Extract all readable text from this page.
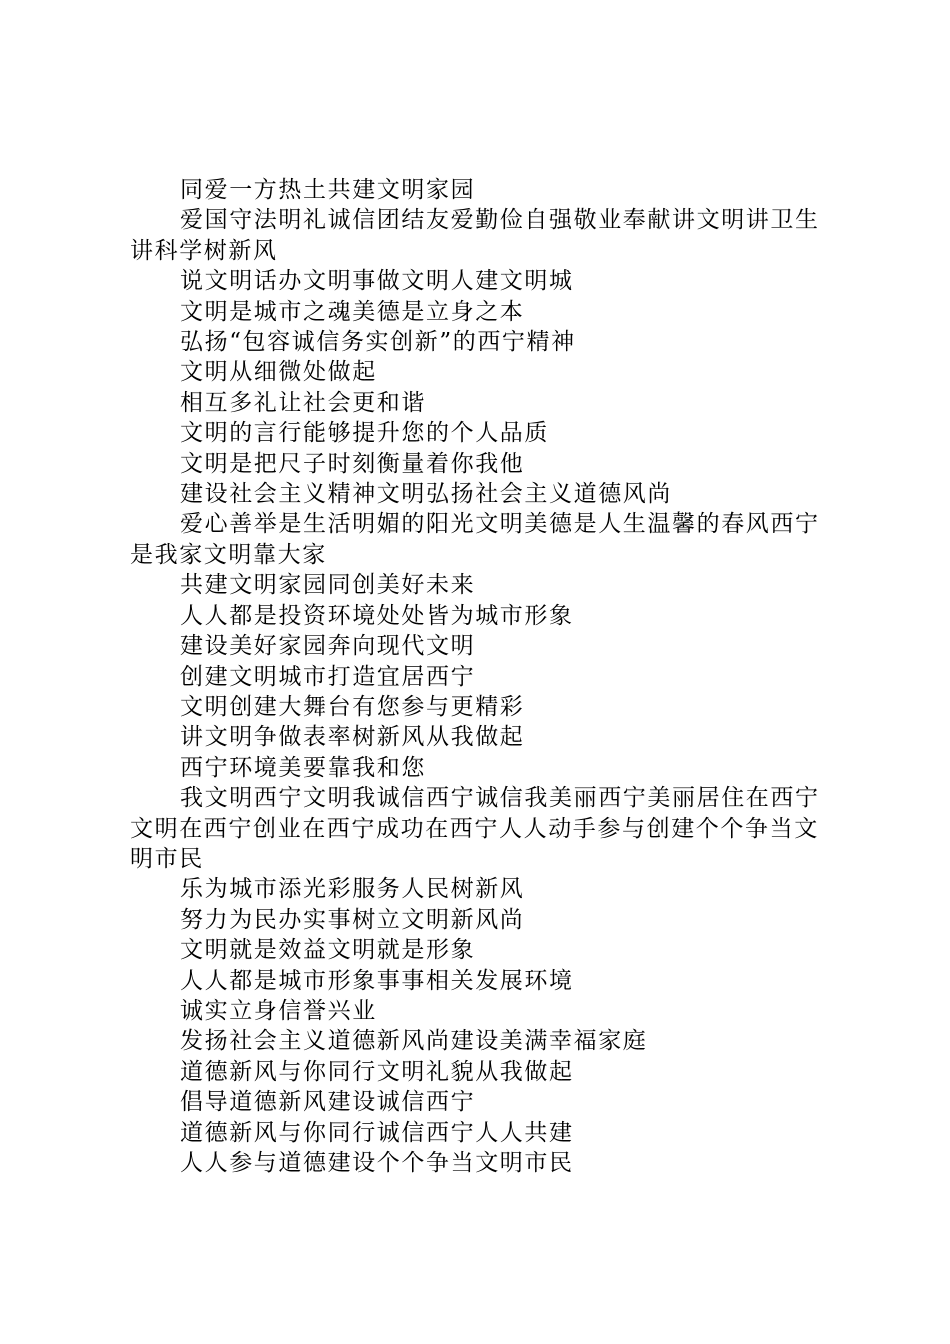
同爱一方热土共建文明家园

爱国守法明礼诚信团结友爱勤俭自强敬业奉献讲文明讲卫生讲科学树新风

说文明话办文明事做文明人建文明城

文明是城市之魂美德是立身之本

弘扬“包容诚信务实创新”的西宁精神

文明从细微处做起

相互多礼让社会更和谐

文明的言行能够提升您的个人品质

文明是把尺子时刻衡量着你我他

建设社会主义精神文明弘扬社会主义道德风尚

爱心善举是生活明媚的阳光文明美德是人生温馨的春风西宁是我家文明靠大家

共建文明家园同创美好未来

人人都是投资环境处处皆为城市形象

建设美好家园奔向现代文明

创建文明城市打造宜居西宁

文明创建大舞台有您参与更精彩

讲文明争做表率树新风从我做起

西宁环境美要靠我和您

我文明西宁文明我诚信西宁诚信我美丽西宁美丽居住在西宁文明在西宁创业在西宁成功在西宁人人动手参与创建个个争当文明市民

乐为城市添光彩服务人民树新风

努力为民办实事树立文明新风尚

文明就是效益文明就是形象

人人都是城市形象事事相关发展环境

诚实立身信誉兴业

发扬社会主义道德新风尚建设美满幸福家庭

道德新风与你同行文明礼貌从我做起

倡导道德新风建设诚信西宁

道德新风与你同行诚信西宁人人共建

人人参与道德建设个个争当文明市民
